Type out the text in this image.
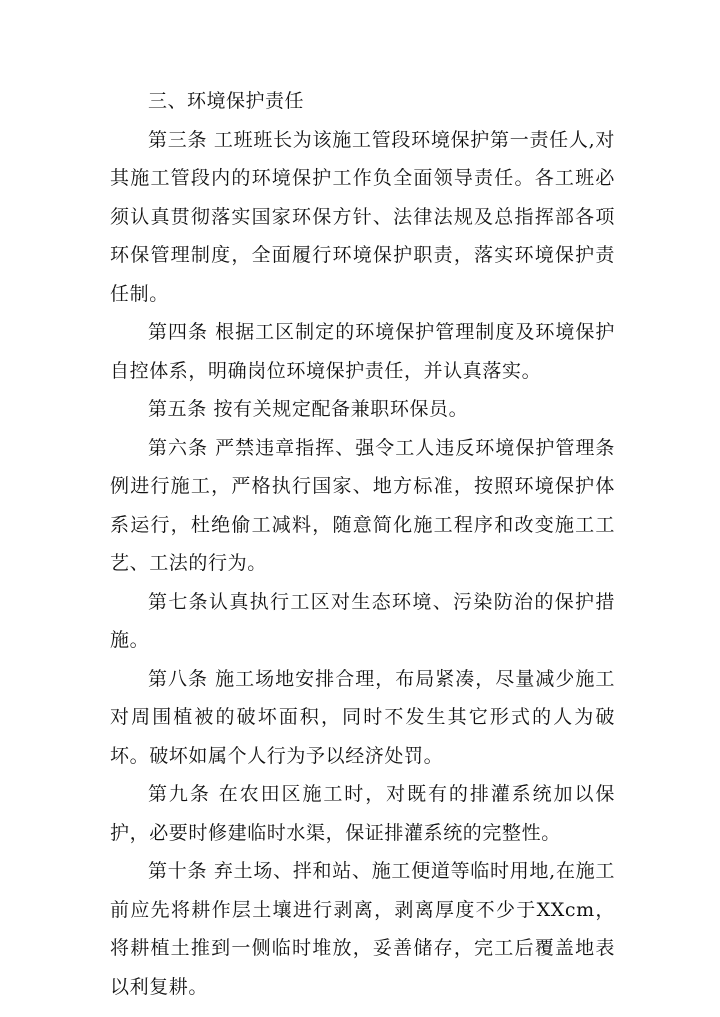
三、环境保护责任

第三条 工班班长为该施工管段环境保护第一责任人,对其施工管段内的环境保护工作负全面领导责任。各工班必须认真贯彻落实国家环保方针、法律法规及总指挥部各项环保管理制度，全面履行环境保护职责，落实环境保护责任制。

第四条 根据工区制定的环境保护管理制度及环境保护自控体系，明确岗位环境保护责任，并认真落实。

第五条 按有关规定配备兼职环保员。

第六条 严禁违章指挥、强令工人违反环境保护管理条例进行施工，严格执行国家、地方标准，按照环境保护体系运行，杜绝偷工减料，随意简化施工程序和改变施工工艺、工法的行为。

第七条认真执行工区对生态环境、污染防治的保护措施。

第八条 施工场地安排合理，布局紧凑，尽量减少施工对周围植被的破坏面积，同时不发生其它形式的人为破坏。破坏如属个人行为予以经济处罚。

第九条 在农田区施工时，对既有的排灌系统加以保护，必要时修建临时水渠，保证排灌系统的完整性。

第十条 弃土场、拌和站、施工便道等临时用地,在施工前应先将耕作层土壤进行剥离，剥离厚度不少于XXcm，将耕植土推到一侧临时堆放，妥善储存，完工后覆盖地表以利复耕。
